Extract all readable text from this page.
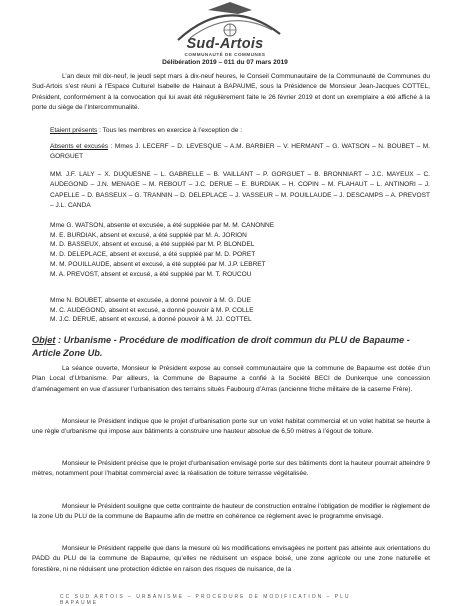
Sud-Artois
COMMUNAUTÉ DE COMMUNES
Délibération 2019 – 011 du 07 mars 2019

L’an deux mil dix-neuf, le jeudi sept mars à dix-neuf heures, le Conseil Communautaire de la Communauté de Communes du Sud-Artois s’est réuni à l’Espace Culturel Isabelle de Hainaut à BAPAUME, sous la Présidence de Monsieur Jean-Jacques COTTEL, Président, conformément à la convocation qui lui avait été régulièrement faite le 26 février 2019 et dont un exemplaire a été affiché à la porte du siège de l’Intercommunalité.

Etaient présents : Tous les membres en exercice à l’exception de :

Absents et excusés : Mmes J. LECERF – D. LEVESQUE – A.M. BARBIER – V. HERMANT – G. WATSON – N. BOUBET – M. GORGUET

MM. J.F. LALY – X. DUQUESNE – L. GABRELLE – B. VAILLANT – P. GORGUET – B. BRONNIART – J.C. MAYEUX – C. AUDEGOND – J.N. MENAGE – M. REBOUT – J.C. DERUE – E. BURDIAK – H. COPIN – M. FLAHAUT – L. ANTINORI – J. CAPELLE – D. BASSEUX – G. TRANNIN – D. DELEPLACE – J. VASSEUR – M. POUILLAUDE – J. DESCAMPS – A. PREVOST – J.L. CANDA

Mme G. WATSON, absente et excusée, a été suppléée par M. M. CANONNE
M. E. BURDIAK, absent et excusé, a été suppléé par M. A. JORION
M. D. BASSEUX, absent et excusé, a été suppléé par M. P. BLONDEL
M. D. DELEPLACE, absent et excusé, a été suppléé par M. D. PORET
M. M. POUILLAUDE, absent et excusé, a été suppléé par M. J.P. LEBRET
M. A. PREVOST, absent et excusé, a été suppléé par M. T. ROUCOU
Mme N. BOUBET, absente et excusée, a donné pouvoir à M. G. DUE
M. C. AUDEGOND, absent et excusé, a donné pouvoir à M. P. COLLE
M. J.C. DERUE, absent et excusé, a donné pouvoir à M. JJ. COTTEL

Objet : Urbanisme - Procédure de modification de droit commun du PLU de Bapaume - Article Zone Ub.

La séance ouverte, Monsieur le Président expose au conseil communautaire que la commune de Bapaume est dotée d’un Plan Local d’Urbanisme. Par ailleurs, la Commune de Bapaume a confié à la Société BECI de Dunkerque une concession d’aménagement en vue d’assurer l’urbanisation des terrains situés Faubourg d’Arras (ancienne friche militaire de la caserne Frère).

Monsieur le Président indique que le projet d’urbanisation porte sur un volet habitat commercial et un volet habitat se heurte à une règle d’urbanisme qui impose aux bâtiments à construire une hauteur absolue de 6,50 mètres à l’égout de toiture.

Monsieur le Président précise que le projet d’urbanisation envisagé porte sur des bâtiments dont la hauteur pourrait atteindre 9 mètres, notamment pour l’habitat commercial avec la réalisation de toiture terrasse végétalisée.

Monsieur le Président souligne que cette contrainte de hauteur de construction entraîne l’obligation de modifier le règlement de la zone Ub du PLU de la commune de Bapaume afin de mettre en cohérence ce règlement avec le programme envisagé.

Monsieur le Président rappelle que dans la mesure où les modifications envisagées ne portent pas atteinte aux orientations du PADD du PLU de la commune de Bapaume, qu’elles ne réduisent un espace boisé, une zone agricole ou une zone naturelle et forestière, ni ne réduisent une protection édictée en raison des risques de nuisance, de la

CC SUD ARTOIS – URBANISME – PROCÉDURE DE MODIFICATION – PLU BAPAUME
